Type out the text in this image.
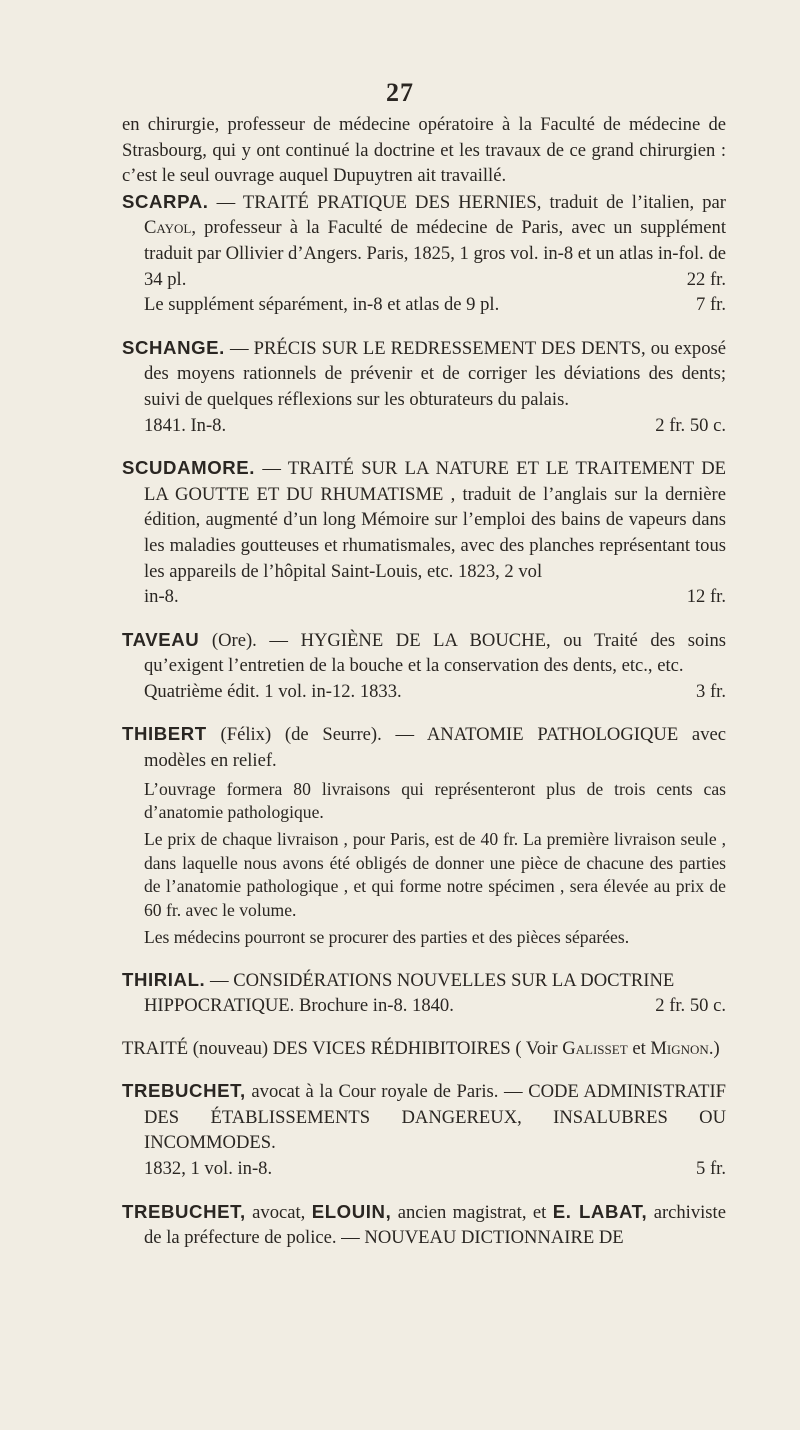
27

en chirurgie, professeur de médecine opératoire à la Faculté de médecine de Strasbourg, qui y ont continué la doctrine et les travaux de ce grand chirurgien : c’est le seul ouvrage auquel Dupuytren ait travaillé.

SCARPA. — TRAITÉ PRATIQUE DES HERNIES, traduit de l’italien, par Cayol, professeur à la Faculté de médecine de Paris, avec un supplément traduit par Ollivier d’Angers. Paris, 1825, 1 gros vol. in-8 et un atlas in-fol. de 34 pl.	22 fr.
Le supplément séparément, in-8 et atlas de 9 pl.	7 fr.
SCHANGE. — PRÉCIS SUR LE REDRESSEMENT DES DENTS, ou exposé des moyens rationnels de prévenir et de corriger les déviations des dents; suivi de quelques réflexions sur les obturateurs du palais.
1841. In-8.	2 fr. 50 c.
SCUDAMORE. — TRAITÉ SUR LA NATURE ET LE TRAITEMENT DE LA GOUTTE ET DU RHUMATISME , traduit de l’anglais sur la dernière édition, augmenté d’un long Mémoire sur l’emploi des bains de vapeurs dans les maladies goutteuses et rhumatismales, avec des planches représentant tous les appareils de l’hôpital Saint-Louis, etc. 1823, 2 vol
in-8.	12 fr.
TAVEAU (Ore). — HYGIÈNE DE LA BOUCHE, ou Traité des soins qu’exigent l’entretien de la bouche et la conservation des dents, etc., etc.
Quatrième édit. 1 vol. in-12. 1833.	3 fr.
THIBERT (Félix) (de Seurre). — ANATOMIE PATHOLOGIQUE avec modèles en relief.

L’ouvrage formera 80 livraisons qui représenteront plus de trois cents cas d’anatomie pathologique.

Le prix de chaque livraison , pour Paris, est de 40 fr. La première livraison seule , dans laquelle nous avons été obligés de donner une pièce de chacune des parties de l’anatomie pathologique , et qui forme notre spécimen , sera élevée au prix de 60 fr. avec le volume.

Les médecins pourront se procurer des parties et des pièces séparées.

THIRIAL. — CONSIDÉRATIONS NOUVELLES SUR LA DOCTRINE
HIPPOCRATIQUE. Brochure in-8. 1840.	2 fr. 50 c.
TRAITÉ (nouveau) DES VICES RÉDHIBITOIRES ( Voir Galisset et Mignon.)
TREBUCHET, avocat à la Cour royale de Paris. — CODE ADMINISTRATIF DES ÉTABLISSEMENTS DANGEREUX, INSALUBRES OU INCOMMODES.
1832, 1 vol. in-8.	5 fr.
TREBUCHET, avocat, ELOUIN, ancien magistrat, et E. LABAT, archiviste de la préfecture de police. — NOUVEAU DICTIONNAIRE DE
